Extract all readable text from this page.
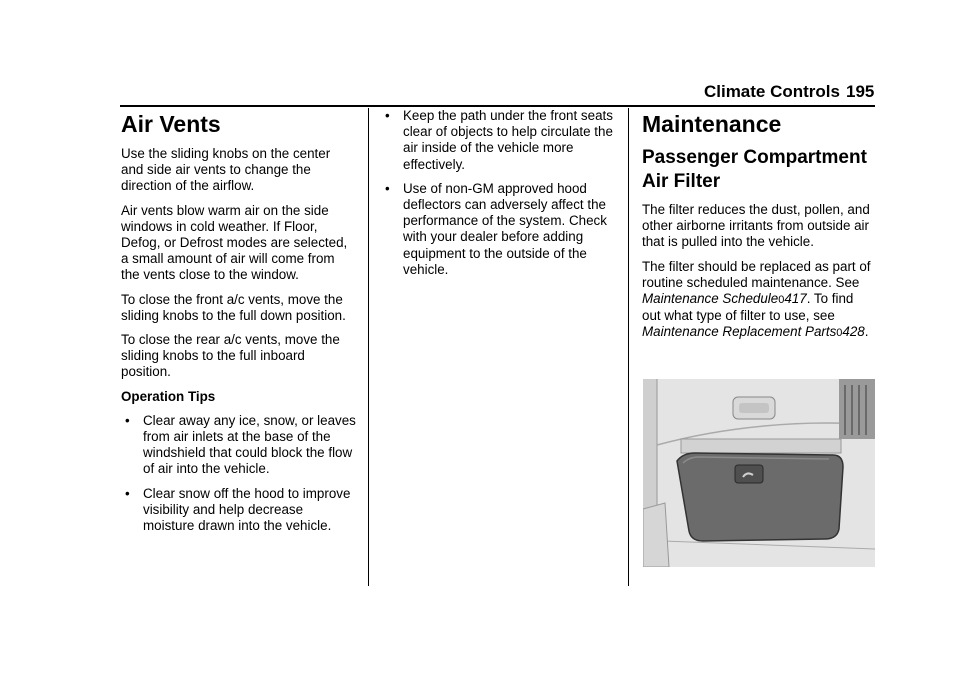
Climate Controls 195
Air Vents

Use the sliding knobs on the center and side air vents to change the direction of the airflow.

Air vents blow warm air on the side windows in cold weather. If Floor, Defog, or Defrost modes are selected, a small amount of air will come from the vents close to the window.

To close the front a/c vents, move the sliding knobs to the full down position.

To close the rear a/c vents, move the sliding knobs to the full inboard position.

Operation Tips
• Clear away any ice, snow, or leaves from air inlets at the base of the windshield that could block the flow of air into the vehicle.
• Clear snow off the hood to improve visibility and help decrease moisture drawn into the vehicle.
• Keep the path under the front seats clear of objects to help circulate the air inside of the vehicle more effectively.
• Use of non-GM approved hood deflectors can adversely affect the performance of the system. Check with your dealer before adding equipment to the outside of the vehicle.
Maintenance
Passenger Compartment Air Filter

The filter reduces the dust, pollen, and other airborne irritants from outside air that is pulled into the vehicle.

The filter should be replaced as part of routine scheduled maintenance. See Maintenance Schedule0417. To find out what type of filter to use, see Maintenance Replacement Parts0428.
